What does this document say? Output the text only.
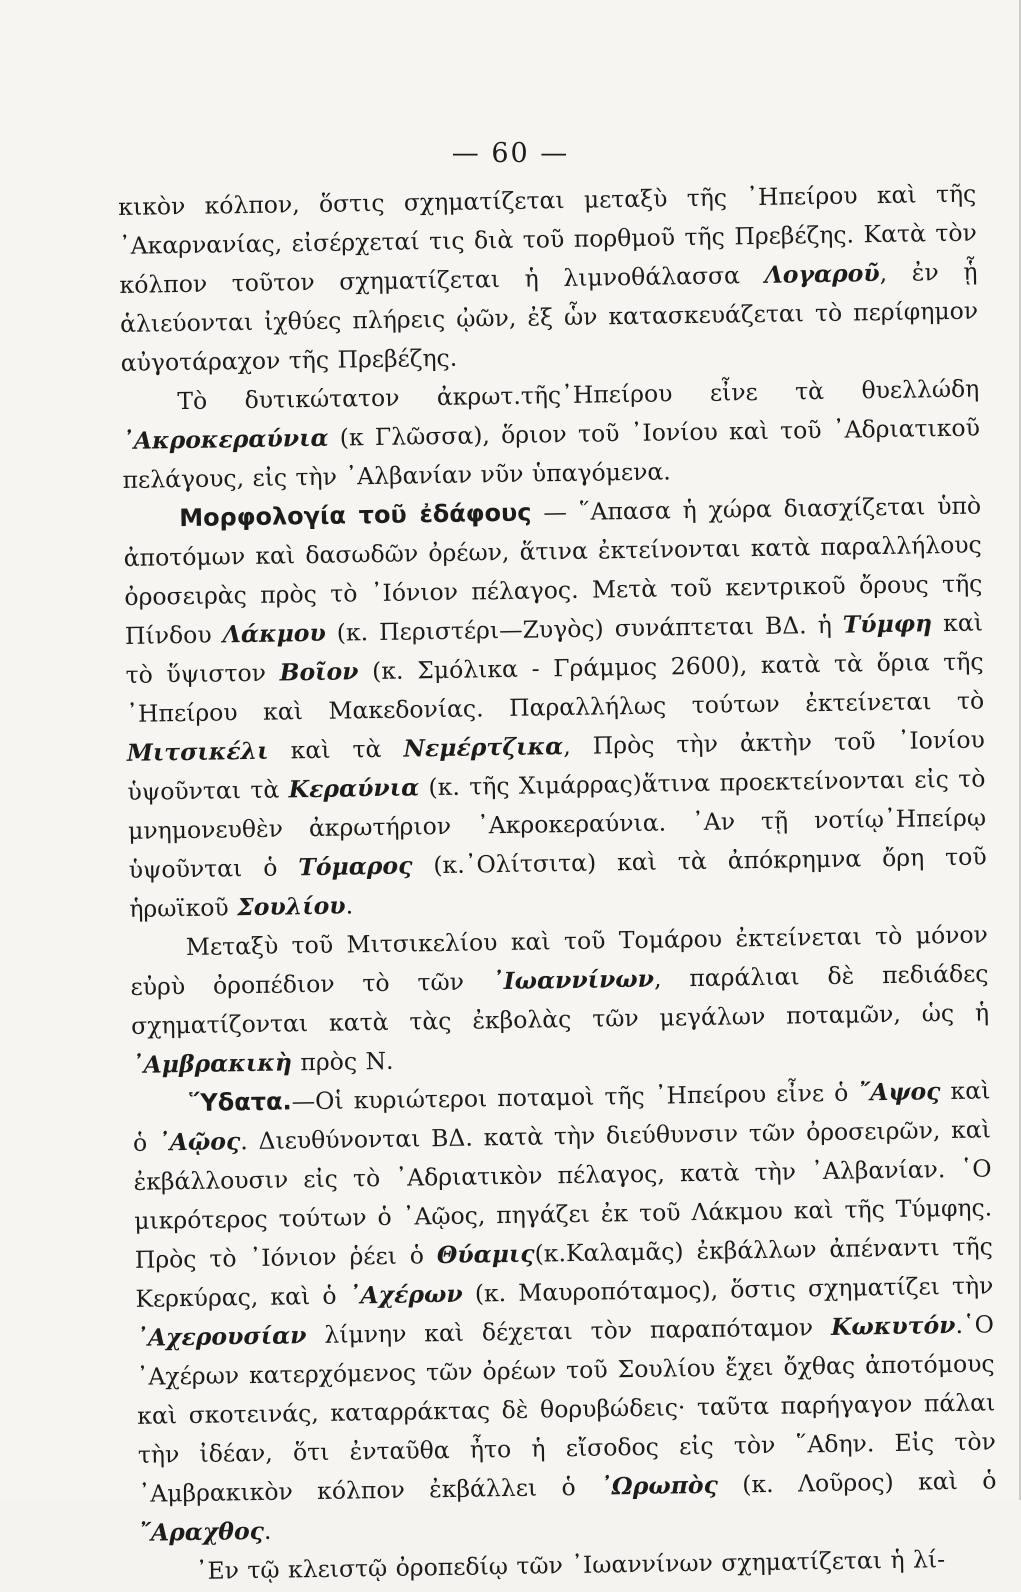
— 60 —

κικὸν κόλπον, ὅστις σχηματίζεται μεταξὺ τῆς ᾿Ηπείρου καὶ τῆς ᾿Ακαρνανίας, εἰσέρχεταί τις διὰ τοῦ πορθμοῦ τῆς Πρεβέζης. Κατὰ τὸν κόλπον τοῦτον σχηματίζεται ἡ λιμνοθάλασσα Λογαροῦ, ἐν ᾗ ἁλιεύονται ἰχθύες πλήρεις ᾠῶν, ἐξ ὧν κατασκευάζεται τὸ περίφημον αὐγοτάραχον τῆς Πρεβέζης.

Τὸ δυτικώτατον ἀκρωτ.τῆς᾿Ηπείρου εἶνε τὰ θυελλώδη ᾿Ακροκεραύνια (κ Γλῶσσα), ὅριον τοῦ ᾿Ιονίου καὶ τοῦ ᾿Αδριατικοῦ πελάγους, εἰς τὴν ᾿Αλβανίαν νῦν ὑπαγόμενα.

Μορφολογία τοῦ ἐδάφους — ῞Απασα ἡ χώρα διασχίζεται ὑπὸ ἀποτόμων καὶ δασωδῶν ὀρέων, ἅτινα ἐκτείνονται κατὰ παραλλήλους ὀροσειρὰς πρὸς τὸ ᾿Ιόνιον πέλαγος. Μετὰ τοῦ κεντρικοῦ ὄρους τῆς Πίνδου Λάκμου (κ. Περιστέρι—Ζυγὸς) συνάπτεται ΒΔ. ἡ Τύμφη καὶ τὸ ὕψιστον Βοῖον (κ. Σμόλικα - Γράμμος 2600), κατὰ τὰ ὅρια τῆς ᾿Ηπείρου καὶ Μακεδονίας. Παραλλήλως τούτων ἐκτείνεται τὸ Μιτσικέλι καὶ τὰ Νεμέρτζικα, Πρὸς τὴν ἀκτὴν τοῦ ᾿Ιονίου ὑψοῦνται τὰ Κεραύνια (κ. τῆς Χιμάρρας)ἅτινα προεκτείνονται εἰς τὸ μνημονευθὲν ἀκρωτήριον ᾿Ακροκεραύνια. ᾿Αν τῇ νοτίῳ᾿Ηπείρῳ ὑψοῦνται ὁ Τόμαρος (κ.᾿Ολίτσιτα) καὶ τὰ ἀπόκρημνα ὄρη τοῦ ἡρωϊκοῦ Σουλίου.

Μεταξὺ τοῦ Μιτσικελίου καὶ τοῦ Τομάρου ἐκτείνεται τὸ μόνον εὐρὺ ὀροπέδιον τὸ τῶν ᾿Ιωαννίνων, παράλιαι δὲ πεδιάδες σχηματίζονται κατὰ τὰς ἐκβολὰς τῶν μεγάλων ποταμῶν, ὡς ἡ ᾿Αμβρακικὴ πρὸς Ν.

῞Υδατα.—Οἱ κυριώτεροι ποταμοὶ τῆς ᾿Ηπείρου εἶνε ὁ ῎Αψος καὶ ὁ ᾿Αῷος. Διευθύνονται ΒΔ. κατὰ τὴν διεύθυνσιν τῶν ὀροσειρῶν, καὶ ἐκβάλλουσιν εἰς τὸ ᾿Αδριατικὸν πέλαγος, κατὰ τὴν ᾿Αλβανίαν. ῾Ο μικρότερος τούτων ὁ ᾿Αῷος, πηγάζει ἐκ τοῦ Λάκμου καὶ τῆς Τύμφης. Πρὸς τὸ ᾿Ιόνιον ῥέει ὁ Θύαμις(κ.Καλαμᾶς) ἐκβάλλων ἀπέναντι τῆς Κερκύρας, καὶ ὁ ᾿Αχέρων (κ. Μαυροπόταμος), ὅστις σχηματίζει τὴν ᾿Αχερουσίαν λίμνην καὶ δέχεται τὸν παραπόταμον Κωκυτόν.῾Ο ᾿Αχέρων κατερχόμενος τῶν ὀρέων τοῦ Σουλίου ἔχει ὄχθας ἀποτόμους καὶ σκοτεινάς, καταρράκτας δὲ θορυβώδεις· ταῦτα παρήγαγον πάλαι τὴν ἰδέαν, ὅτι ἐνταῦθα ἦτο ἡ εἴσοδος εἰς τὸν ῞Αδην. Εἰς τὸν ᾿Αμβρακικὸν κόλπον ἐκβάλλει ὁ ᾿Ωρωπὸς (κ. Λοῦρος) καὶ ὁ ῎Αραχθος.

᾿Εν τῷ κλειστῷ ὀροπεδίῳ τῶν ᾿Ιωαννίνων σχηματίζεται ἡ λί-
